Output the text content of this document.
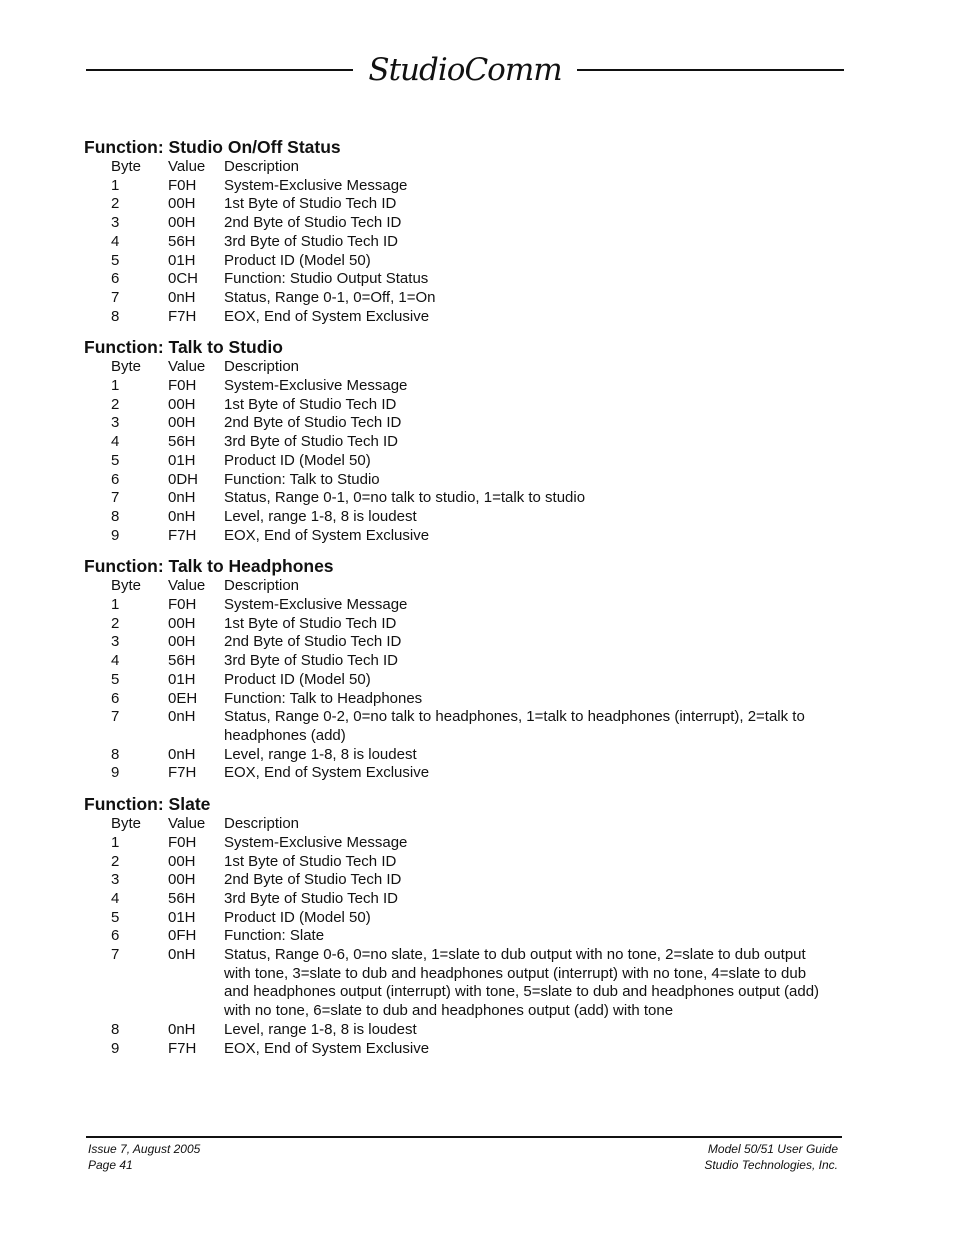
StudioComm
Function: Studio On/Off Status
Byte	Value	Description
1	F0H	System-Exclusive Message
2	00H	1st Byte of Studio Tech ID
3	00H	2nd Byte of Studio Tech ID
4	56H	3rd Byte of Studio Tech ID
5	01H	Product ID (Model 50)
6	0CH	Function: Studio Output Status
7	0nH	Status, Range 0-1, 0=Off, 1=On
8	F7H	EOX, End of System Exclusive
Function: Talk to Studio
Byte	Value	Description
1	F0H	System-Exclusive Message
2	00H	1st Byte of Studio Tech ID
3	00H	2nd Byte of Studio Tech ID
4	56H	3rd Byte of Studio Tech ID
5	01H	Product ID (Model 50)
6	0DH	Function: Talk to Studio
7	0nH	Status, Range 0-1, 0=no talk to studio, 1=talk to studio
8	0nH	Level, range 1-8, 8 is loudest
9	F7H	EOX, End of System Exclusive
Function: Talk to Headphones
Byte	Value	Description
1	F0H	System-Exclusive Message
2	00H	1st Byte of Studio Tech ID
3	00H	2nd Byte of Studio Tech ID
4	56H	3rd Byte of Studio Tech ID
5	01H	Product ID (Model 50)
6	0EH	Function: Talk to Headphones
7	0nH	Status, Range 0-2, 0=no talk to headphones, 1=talk to headphones (interrupt), 2=talk to headphones (add)
8	0nH	Level, range 1-8, 8 is loudest
9	F7H	EOX, End of System Exclusive
Function: Slate
Byte	Value	Description
1	F0H	System-Exclusive Message
2	00H	1st Byte of Studio Tech ID
3	00H	2nd Byte of Studio Tech ID
4	56H	3rd Byte of Studio Tech ID
5	01H	Product ID (Model 50)
6	0FH	Function: Slate
7	0nH	Status, Range 0-6, 0=no slate, 1=slate to dub output with no tone, 2=slate to dub output with tone, 3=slate to dub and headphones output (interrupt) with no tone, 4=slate to dub and headphones output (interrupt) with tone, 5=slate to dub and headphones output (add) with no tone, 6=slate to dub and headphones output (add) with tone
8	0nH	Level, range 1-8, 8 is loudest
9	F7H	EOX, End of System Exclusive
Issue 7, August 2005
Page 41
Model 50/51 User Guide
Studio Technologies, Inc.
